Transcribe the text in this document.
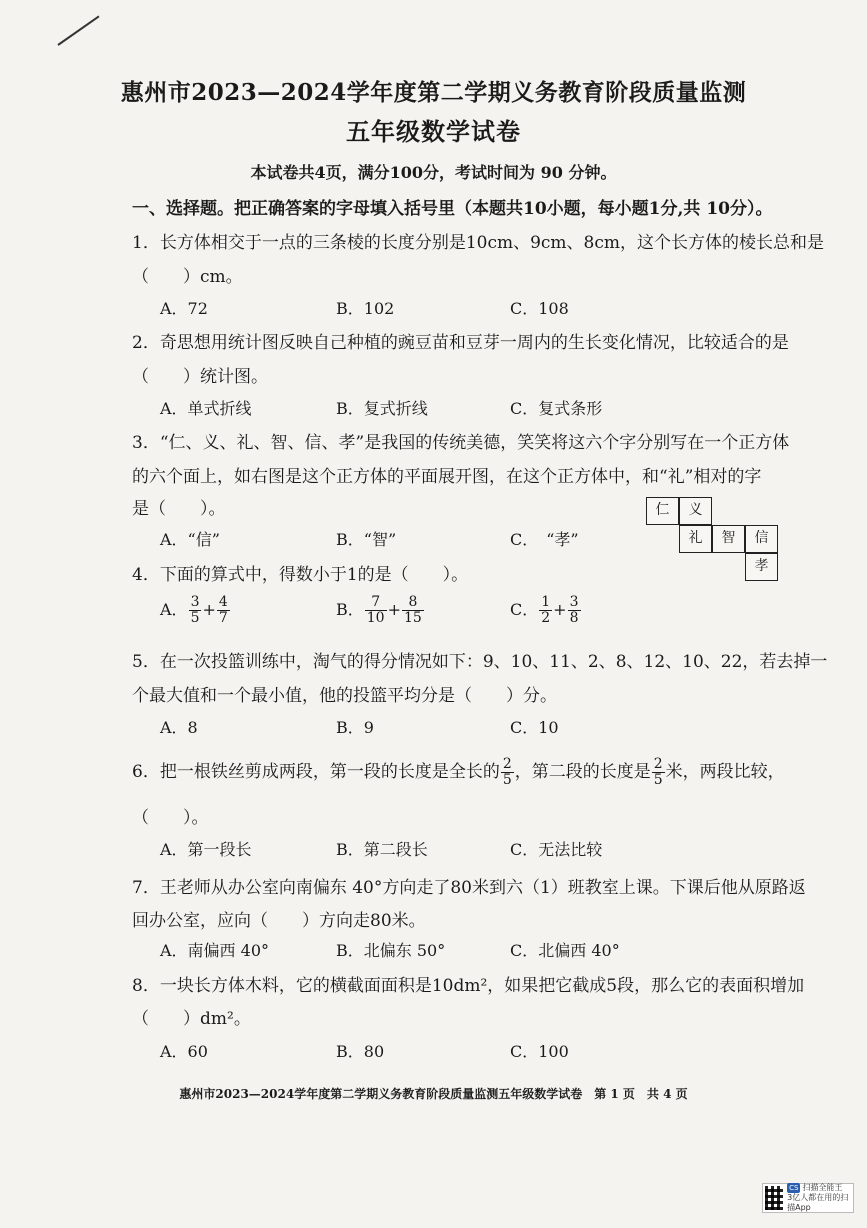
惠州市2023—2024学年度第二学期义务教育阶段质量监测
五年级数学试卷
本试卷共4页，满分100分，考试时间为 90 分钟。
一、选择题。把正确答案的字母填入括号里（本题共10小题，每小题1分,共 10分）。
1．长方体相交于一点的三条棱的长度分别是10cm、9cm、8cm，这个长方体的棱长总和是
（　　）cm。
A．72	B．102	C．108
2．奇思想用统计图反映自己种植的豌豆苗和豆芽一周内的生长变化情况，比较适合的是
（　　）统计图。
A．单式折线	B．复式折线	C．复式条形
3．“仁、义、礼、智、信、孝”是我国的传统美德，笑笑将这六个字分别写在一个正方体
的六个面上，如右图是这个正方体的平面展开图，在这个正方体中，和“礼”相对的字
是（　　）。
A．“信”	B．“智”	C．　“孝”
仁	义
礼	智	信
孝
4．下面的算式中，得数小于1的是（　　）。
A． $\frac{3}{5} + \frac{4}{7}$	B． $\frac{7}{10} + \frac{8}{15}$	C． $\frac{1}{2} + \frac{3}{8}$
5．在一次投篮训练中，淘气的得分情况如下：9、10、11、2、8、12、10、22，若去掉一
个最大值和一个最小值，他的投篮平均分是（　　）分。
A．8	B．9	C．10
6．把一根铁丝剪成两段，第一段的长度是全长的 $\frac{2}{5}$ ，第二段的长度是 $\frac{2}{5}$ 米，两段比较，
（　　）。
A．第一段长	B．第二段长	C．无法比较
7．王老师从办公室向南偏东 40°方向走了80米到六（1）班教室上课。下课后他从原路返
回办公室，应向（　　）方向走80米。
A．南偏西 40°	B．北偏东 50°	C．北偏西 40°
8．一块长方体木料，它的横截面面积是10dm²，如果把它截成5段，那么它的表面积增加
（　　）dm²。
A．60	B．80	C．100
惠州市2023—2024学年度第二学期义务教育阶段质量监测五年级数学试卷　第 1 页　共 4 页
CS 扫描全能王
3亿人都在用的扫描App
